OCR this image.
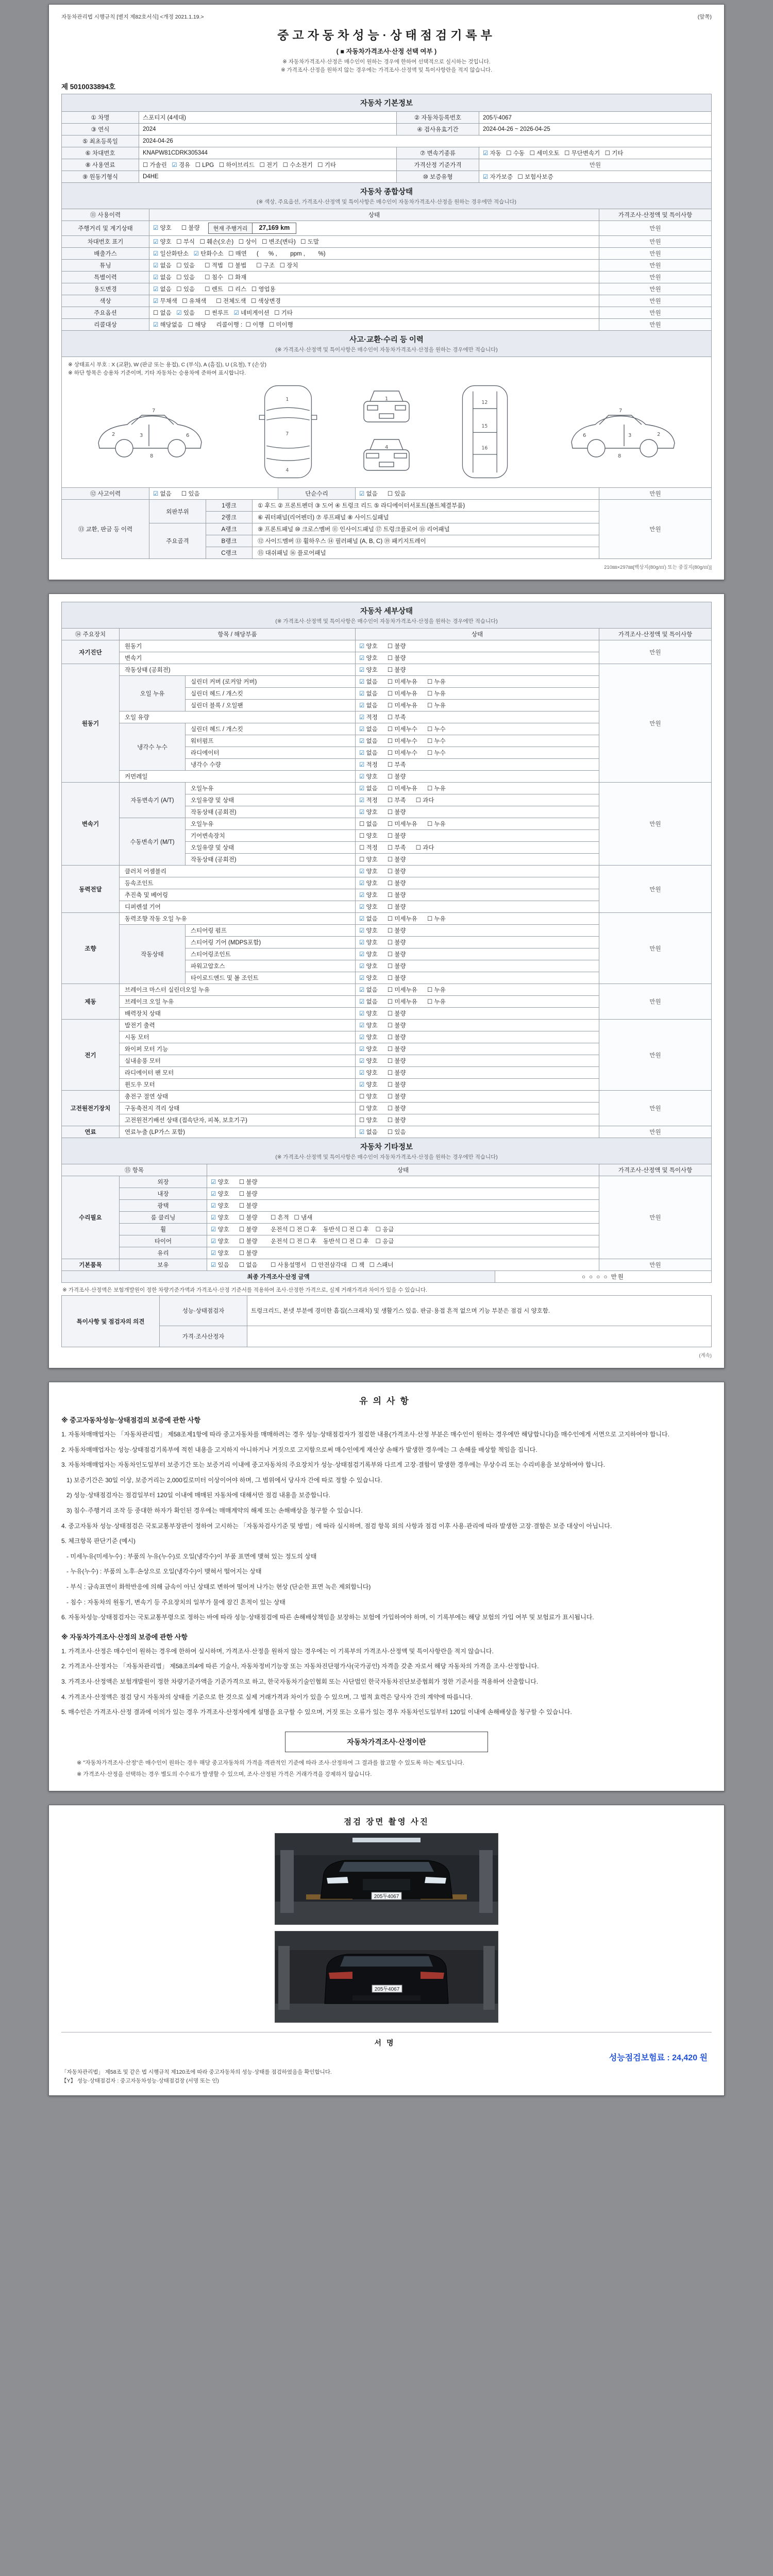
자동차관리법 시행규칙 [별지 제82호서식] <개정 2021.1.19.>	(앞쪽)
중고자동차성능·상태점검기록부
( ■ 자동차가격조사·산정 선택 여부 )
※ 자동차가격조사·산정은 매수인이 원하는 경우에 한하여 선택적으로 실시하는 것입니다.
※ 가격조사·산정을 원하지 않는 경우에는 가격조사·산정액 및 특이사항란을 적지 않습니다.
제 5010033894호
자동차 기본정보			

① 차명	스포티지 (4세대)	② 자동차등록번호	205두4067
③ 연식	2024	④ 검사유효기간	2024-04-26 ~ 2026-04-25
⑤ 최초등록일	2024-04-26		
⑥ 차대번호	KNAPW81CDRK305344	⑦ 변속기종류	☑ 자동   ☐ 수동   ☐ 세미오토   ☐ 무단변속기   ☐ 기타
⑧ 사용연료	☐ 가솔린   ☑ 경유   ☐ LPG   ☐ 하이브리드   ☐ 전기   ☐ 수소전기   ☐ 기타	가격산정 기준가격	만원
⑨ 원동기형식	D4HE	⑩ 보증유형	☑ 자가보증   ☐ 보험사보증
자동차 종합상태
(※ 색상, 주요옵션, 가격조사·산정액 및 특이사항은 매수인이 자동차가격조사·산정을 원하는 경우에만 적습니다)		

⑪ 사용이력	상태	가격조사·산정액 및 특이사항
주행거리 및 계기상태	☑ 양호      ☐ 불량 현재 주행거리 27,169 km	만원
차대번호 표기	☑ 양호   ☐ 부식   ☐ 훼손(오손)   ☐ 상이   ☐ 변조(변타)   ☐ 도말	만원
배출가스	☑ 일산화탄소   ☑ 탄화수소   ☐ 매연      (      % ,        ppm ,        %)	만원
튜닝	☑ 없음   ☐ 있음      ☐ 적법   ☐ 불법      ☐ 구조   ☐ 장치	만원
특별이력	☑ 없음   ☐ 있음      ☐ 침수   ☐ 화재	만원
용도변경	☑ 없음   ☐ 있음      ☐ 렌트   ☐ 리스   ☐ 영업용	만원
색상	☑ 무채색   ☐ 유채색      ☐ 전체도색   ☐ 색상변경	만원
주요옵션	☐ 없음   ☑ 있음      ☐ 썬루프   ☑ 네비게이션   ☐ 기타	만원
리콜대상	☑ 해당없음   ☐ 해당      리콜이행 :  ☐ 이행   ☐ 미이행	만원
사고·교환·수리 등 이력
(※ 가격조사·산정액 및 특이사항은 매수인이 자동차가격조사·산정을 원하는 경우에만 적습니다)
※ 상태표시 부호 : X (교환), W (판금 또는 용접), C (부식), A (흠집), U (요철), T (손상)
※ 하단 항목은 승용차 기준이며, 기타 자동차는 승용차에 준하여 표시합니다.
2	3	6
7
8
1
7
4
1
4
12
15
16
6	3
7
2
8
⑫ 사고이력	☑ 없음      ☐ 있음	단순수리	☑ 없음      ☐ 있음	만원
⑬ 교환, 판금 등 이력	외판부위	1랭크	① 후드 ② 프론트펜더 ③ 도어 ④ 트렁크 리드 ⑤ 라디에이터서포트(볼트체결부품)	만원
		2랭크	⑥ 쿼터패널(리어펜더) ⑦ 루프패널 ⑧ 사이드실패널	
	주요골격	A랭크	⑨ 프론트패널 ⑩ 크로스멤버 ⑪ 인사이드패널 ⑰ 트렁크플로어 ⑱ 리어패널	
		B랭크	⑫ 사이드멤버 ⑬ 휠하우스 ⑭ 필러패널 (A, B, C) ⑲ 패키지트레이	
		C랭크	⑮ 대쉬패널 ⑯ 플로어패널	
210㎜×297㎜[백상지(80g/㎡) 또는 중질지(80g/㎡)]
자동차 세부상태
(※ 가격조사·산정액 및 특이사항은 매수인이 자동차가격조사·산정을 원하는 경우에만 적습니다)				

⑭ 주요장치	항목 / 해당부품		상태	가격조사·산정액 및 특이사항
자기진단	원동기		☑ 양호      ☐ 불량	만원
	변속기		☑ 양호      ☐ 불량	
원동기	작동상태 (공회전)		☑ 양호      ☐ 불량	만원
	오일 누유	실린더 커버 (로커암 커버)	☑ 없음      ☐ 미세누유      ☐ 누유	
		실린더 헤드 / 개스킷	☑ 없음      ☐ 미세누유      ☐ 누유	
		실린더 블록 / 오일팬	☑ 없음      ☐ 미세누유      ☐ 누유	
	오일 유량		☑ 적정      ☐ 부족	
	냉각수 누수	실린더 헤드 / 개스킷	☑ 없음      ☐ 미세누수      ☐ 누수	
		워터펌프	☑ 없음      ☐ 미세누수      ☐ 누수	
		라디에이터	☑ 없음      ☐ 미세누수      ☐ 누수	
		냉각수 수량	☑ 적정      ☐ 부족	
	커먼레일		☑ 양호      ☐ 불량	
변속기	자동변속기 (A/T)	오일누유	☑ 없음      ☐ 미세누유      ☐ 누유	만원
		오일유량 및 상태	☑ 적정      ☐ 부족      ☐ 과다	
		작동상태 (공회전)	☑ 양호      ☐ 불량	
	수동변속기 (M/T)	오일누유	☐ 없음      ☐ 미세누유      ☐ 누유	
		기어변속장치	☐ 양호      ☐ 불량	
		오일유량 및 상태	☐ 적정      ☐ 부족      ☐ 과다	
		작동상태 (공회전)	☐ 양호      ☐ 불량	
동력전달	클러치 어셈블리		☑ 양호      ☐ 불량	만원
	등속조인트		☑ 양호      ☐ 불량	
	추진축 및 베어링		☑ 양호      ☐ 불량	
	디퍼렌셜 기어		☑ 양호      ☐ 불량	
조향	동력조향 작동 오일 누유		☑ 없음      ☐ 미세누유      ☐ 누유	만원
	작동상태	스티어링 펌프	☑ 양호      ☐ 불량	
		스티어링 기어 (MDPS포함)	☑ 양호      ☐ 불량	
		스티어링조인트	☑ 양호      ☐ 불량	
		파워고압호스	☑ 양호      ☐ 불량	
		타이로드엔드 및 볼 조인트	☑ 양호      ☐ 불량	
제동	브레이크 마스터 실린더오일 누유		☑ 없음      ☐ 미세누유      ☐ 누유	만원
	브레이크 오일 누유		☑ 없음      ☐ 미세누유      ☐ 누유	
	배력장치 상태		☑ 양호      ☐ 불량	
전기	발전기 출력		☑ 양호      ☐ 불량	만원
	시동 모터		☑ 양호      ☐ 불량	
	와이퍼 모터 기능		☑ 양호      ☐ 불량	
	실내송풍 모터		☑ 양호      ☐ 불량	
	라디에이터 팬 모터		☑ 양호      ☐ 불량	
	윈도우 모터		☑ 양호      ☐ 불량	
고전원전기장치	충전구 절연 상태		☐ 양호      ☐ 불량	만원
	구동축전지 격리 상태		☐ 양호      ☐ 불량	
	고전원전기배선 상태 (접속단자, 피복, 보호기구)		☐ 양호      ☐ 불량	
연료	연료누출 (LP가스 포함)		☑ 없음      ☐ 있음	만원
자동차 기타정보
(※ 가격조사·산정액 및 특이사항은 매수인이 자동차가격조사·산정을 원하는 경우에만 적습니다)			

⑮ 항목		상태	가격조사·산정액 및 특이사항
수리필요	외장	☑ 양호      ☐ 불량	만원
	내장	☑ 양호      ☐ 불량	
	광택	☑ 양호      ☐ 불량	
	룸 클리닝	☑ 양호      ☐ 불량        ☐ 흔적   ☐ 냄새	
	휠	☑ 양호      ☐ 불량        운전석 ☐ 전 ☐ 후    동반석 ☐ 전 ☐ 후    ☐ 응급	
	타이어	☑ 양호      ☐ 불량        운전석 ☐ 전 ☐ 후    동반석 ☐ 전 ☐ 후    ☐ 응급	
	유리	☑ 양호      ☐ 불량	
기본품목	보유	☑ 있음      ☐ 없음        ☐ 사용설명서   ☐ 안전삼각대   ☐ 잭   ☐ 스패너	만원
최종 가격조사·산정 금액	○ ○ ○ ○ 만원
※ 가격조사·산정액은 보험개발원이 정한 차량기준가액과 가격조사·산정 기준서를 적용하여 조사·산정한 가격으로, 실제 거래가격과 차이가 있을 수 있습니다.
특이사항 및 점검자의 의견	성능·상태점검자	트렁크리드, 본넷 부분에 경미한 흠집(스크래치) 및 생활기스 있음. 판금·용접 흔적 없으며 기능 부분은 점검 시 양호함.
	가격·조사산정자	
(계속)
유의사항
※ 중고자동차성능·상태점검의 보증에 관한 사항
1. 자동차매매업자는 「자동차관리법」 제58조제1항에 따라 중고자동차를 매매하려는 경우 성능·상태점검자가 점검한 내용(가격조사·산정 부분은 매수인이 원하는 경우에만 해당합니다)을 매수인에게 서면으로 고지하여야 합니다.
2. 자동차매매업자는 성능·상태점검기록부에 적힌 내용을 고지하지 아니하거나 거짓으로 고지함으로써 매수인에게 재산상 손해가 발생한 경우에는 그 손해를 배상할 책임을 집니다.
3. 자동차매매업자는 자동차인도일부터 보증기간 또는 보증거리 이내에 중고자동차의 주요장치가 성능·상태점검기록부와 다르게 고장·결함이 발생한 경우에는 무상수리 또는 수리비용을 보상하여야 합니다.
1) 보증기간은 30일 이상, 보증거리는 2,000킬로미터 이상이어야 하며, 그 범위에서 당사자 간에 따로 정할 수 있습니다.
2) 성능·상태점검자는 점검일부터 120일 이내에 매매된 자동차에 대해서만 점검 내용을 보증합니다.
3) 침수·주행거리 조작 등 중대한 하자가 확인된 경우에는 매매계약의 해제 또는 손해배상을 청구할 수 있습니다.
4. 중고자동차 성능·상태점검은 국토교통부장관이 정하여 고시하는 「자동차검사기준 및 방법」에 따라 실시하며, 점검 항목 외의 사항과 점검 이후 사용·관리에 따라 발생한 고장·결함은 보증 대상이 아닙니다.
5. 체크항목 판단기준 (예시)
- 미세누유(미세누수) : 부품의 누유(누수)로 오일(냉각수)이 부품 표면에 맺혀 있는 정도의 상태
- 누유(누수) : 부품의 노후·손상으로 오일(냉각수)이 맺혀서 떨어지는 상태
- 부식 : 금속표면이 화학반응에 의해 금속이 아닌 상태로 변하여 떨어져 나가는 현상 (단순한 표면 녹은 제외합니다)
- 침수 : 자동차의 원동기, 변속기 등 주요장치의 일부가 물에 잠긴 흔적이 있는 상태
6. 자동차성능·상태점검자는 국토교통부령으로 정하는 바에 따라 성능·상태점검에 따른 손해배상책임을 보장하는 보험에 가입하여야 하며, 이 기록부에는 해당 보험의 가입 여부 및 보험료가 표시됩니다.
※ 자동차가격조사·산정의 보증에 관한 사항
1. 가격조사·산정은 매수인이 원하는 경우에 한하여 실시하며, 가격조사·산정을 원하지 않는 경우에는 이 기록부의 가격조사·산정액 및 특이사항란을 적지 않습니다.
2. 가격조사·산정자는 「자동차관리법」 제58조의4에 따른 기술사, 자동차정비기능장 또는 자동차진단평가사(국가공인) 자격을 갖춘 자로서 해당 자동차의 가격을 조사·산정합니다.
3. 가격조사·산정액은 보험개발원이 정한 차량기준가액을 기준가격으로 하고, 한국자동차기술인협회 또는 사단법인 한국자동차진단보증협회가 정한 기준서를 적용하여 산출합니다.
4. 가격조사·산정액은 점검 당시 자동차의 상태를 기준으로 한 것으로 실제 거래가격과 차이가 있을 수 있으며, 그 법적 효력은 당사자 간의 계약에 따릅니다.
5. 매수인은 가격조사·산정 결과에 이의가 있는 경우 가격조사·산정자에게 설명을 요구할 수 있으며, 거짓 또는 오류가 있는 경우 자동차인도일부터 120일 이내에 손해배상을 청구할 수 있습니다.
자동차가격조사·산정이란
※ "자동차가격조사·산정"은 매수인이 원하는 경우 해당 중고자동차의 가격을 객관적인 기준에 따라 조사·산정하여 그 결과를 참고할 수 있도록 하는 제도입니다.
※ 가격조사·산정을 선택하는 경우 별도의 수수료가 발생할 수 있으며, 조사·산정된 가격은 거래가격을 강제하지 않습니다.
점검 장면 촬영 사진
205두4067
205두4067
서명
성능점검보험료 : 24,420 원
「자동차관리법」 제58조 및 같은 법 시행규칙 제120조에 따라 중고자동차의 성능·상태를 점검하였음을 확인합니다.
【Y】 성능·상태점검자 : 중고자동차성능·상태점검장 (서명 또는 인)
